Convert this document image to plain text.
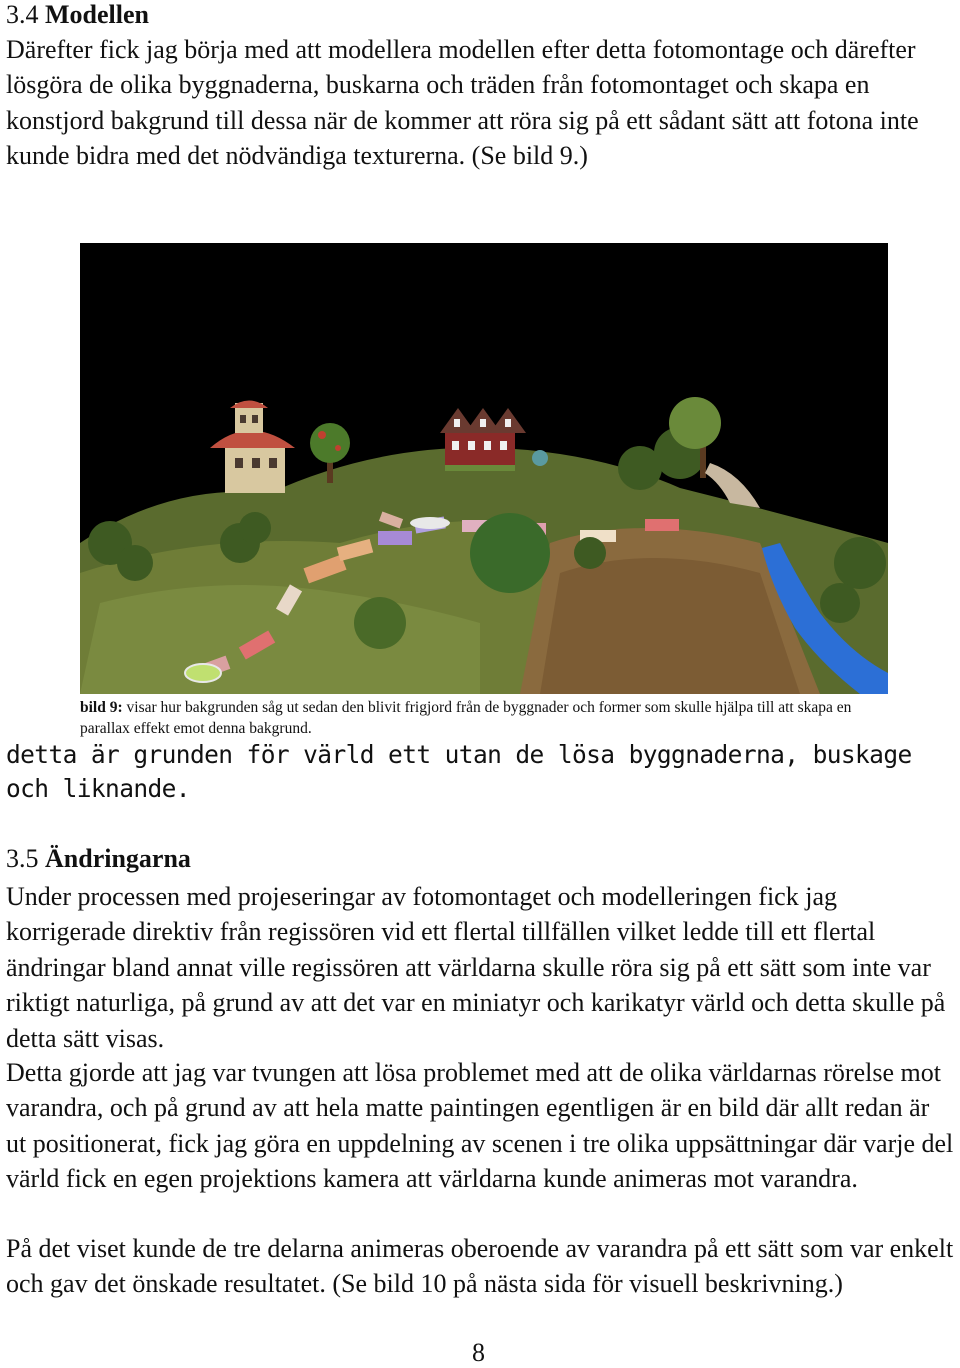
3.4 Modellen

Därefter fick jag börja med att modellera modellen efter detta fotomontage och därefter lösgöra de olika byggnaderna, buskarna och träden från fotomontaget och skapa en konstjord bakgrund till dessa när de kommer att röra sig på ett sådant sätt att fotona inte kunde bidra med det nödvändiga texturerna. (Se bild 9.)

bild 9: visar hur bakgrunden såg ut sedan den blivit frigjord från de byggnader och former som skulle hjälpa till att skapa en parallax effekt emot denna bakgrund.

detta är grunden för värld ett utan de lösa byggnaderna, buskage och liknande.

3.5 Ändringarna

Under processen med projeseringar av fotomontaget och modelleringen fick jag korrigerade direktiv från regissören vid ett flertal tillfällen vilket ledde till ett flertal ändringar bland annat ville regissören att världarna skulle röra sig på ett sätt som inte var riktigt naturliga, på grund av att det var en miniatyr och karikatyr värld och detta skulle på detta sätt visas.

Detta gjorde att jag var tvungen att lösa problemet med att de olika världarnas rörelse mot varandra, och på grund av att hela matte paintingen egentligen är en bild där allt redan är ut positionerat, fick jag göra en uppdelning av scenen i tre olika uppsättningar där varje del värld fick en egen projektions kamera att världarna kunde animeras mot varandra.

På det viset kunde de tre delarna animeras oberoende av varandra på ett sätt som var enkelt och gav det önskade resultatet. (Se bild 10 på nästa sida för visuell beskrivning.)

8
